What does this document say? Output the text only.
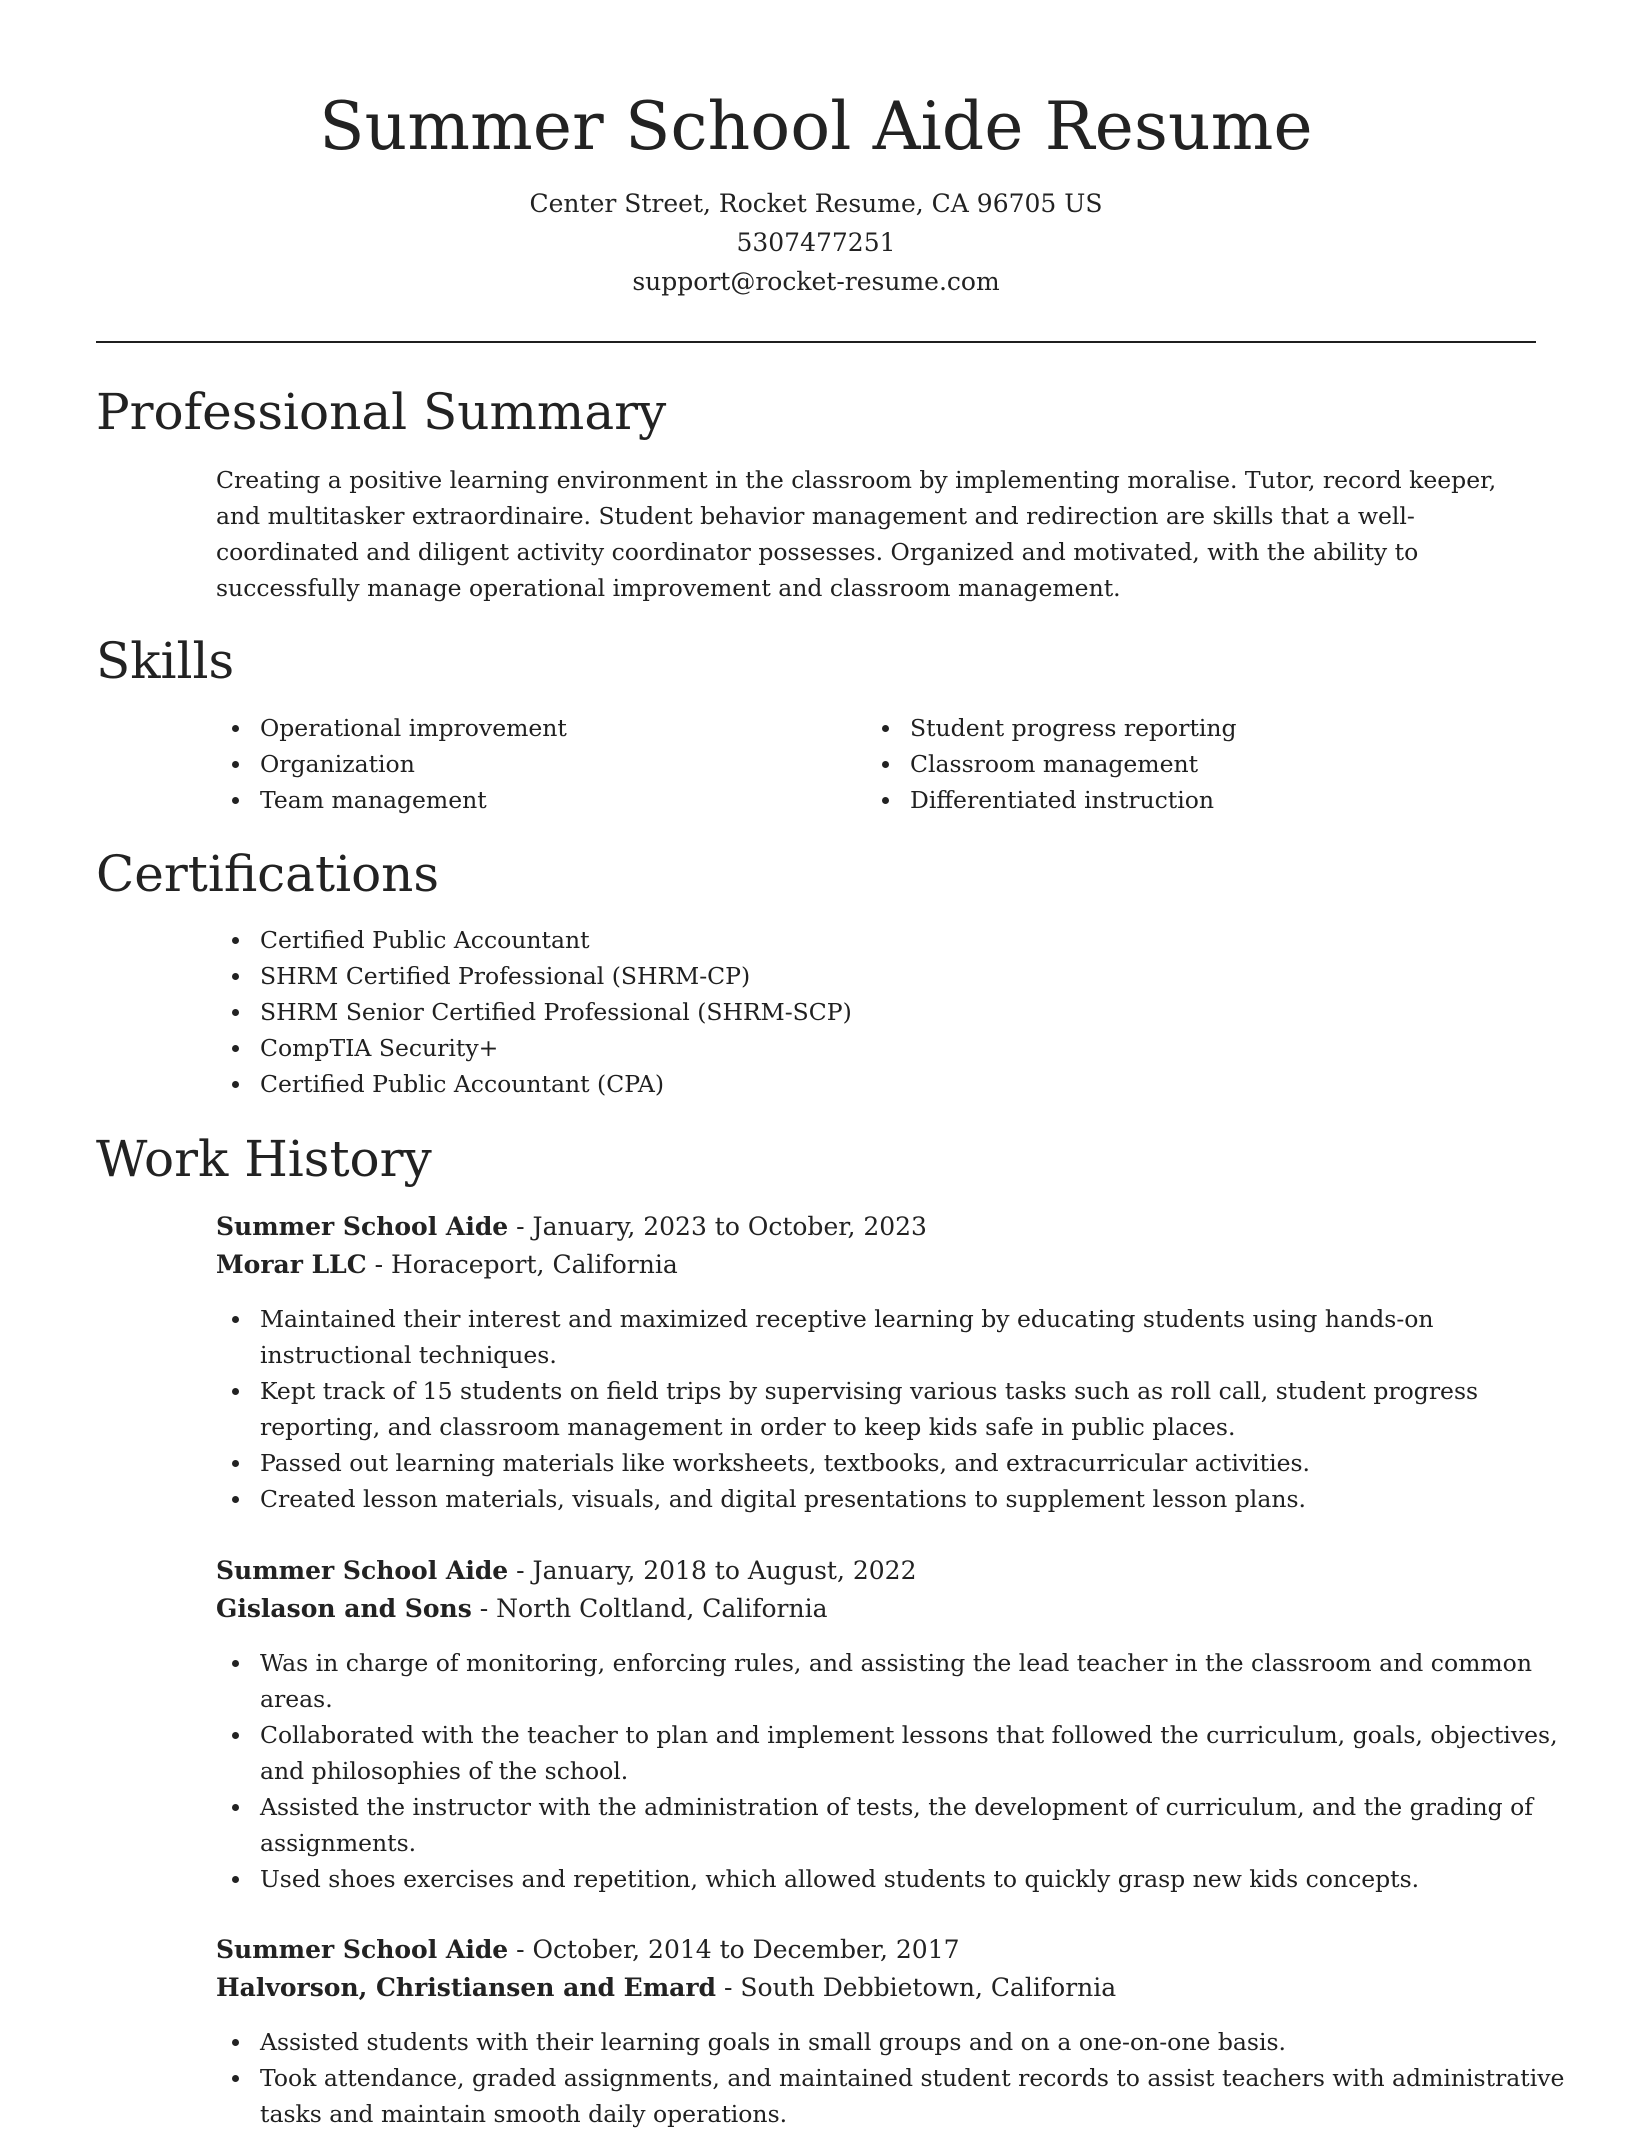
Summer School Aide Resume
Center Street, Rocket Resume, CA 96705 US
5307477251
support@rocket-resume.com
Professional Summary
Creating a positive learning environment in the classroom by implementing moralise. Tutor, record keeper, and multitasker extraordinaire. Student behavior management and redirection are skills that a well-coordinated and diligent activity coordinator possesses. Organized and motivated, with the ability to successfully manage operational improvement and classroom management.
Skills
Operational improvement
Organization
Team management
Student progress reporting
Classroom management
Differentiated instruction
Certifications
Certified Public Accountant
SHRM Certified Professional (SHRM-CP)
SHRM Senior Certified Professional (SHRM-SCP)
CompTIA Security+
Certified Public Accountant (CPA)
Work History
Summer School Aide - January, 2023 to October, 2023
Morar LLC - Horaceport, California
Maintained their interest and maximized receptive learning by educating students using hands-on instructional techniques.
Kept track of 15 students on field trips by supervising various tasks such as roll call, student progress reporting, and classroom management in order to keep kids safe in public places.
Passed out learning materials like worksheets, textbooks, and extracurricular activities.
Created lesson materials, visuals, and digital presentations to supplement lesson plans.
Summer School Aide - January, 2018 to August, 2022
Gislason and Sons - North Coltland, California
Was in charge of monitoring, enforcing rules, and assisting the lead teacher in the classroom and common areas.
Collaborated with the teacher to plan and implement lessons that followed the curriculum, goals, objectives, and philosophies of the school.
Assisted the instructor with the administration of tests, the development of curriculum, and the grading of assignments.
Used shoes exercises and repetition, which allowed students to quickly grasp new kids concepts.
Summer School Aide - October, 2014 to December, 2017
Halvorson, Christiansen and Emard - South Debbietown, California
Assisted students with their learning goals in small groups and on a one-on-one basis.
Took attendance, graded assignments, and maintained student records to assist teachers with administrative tasks and maintain smooth daily operations.
